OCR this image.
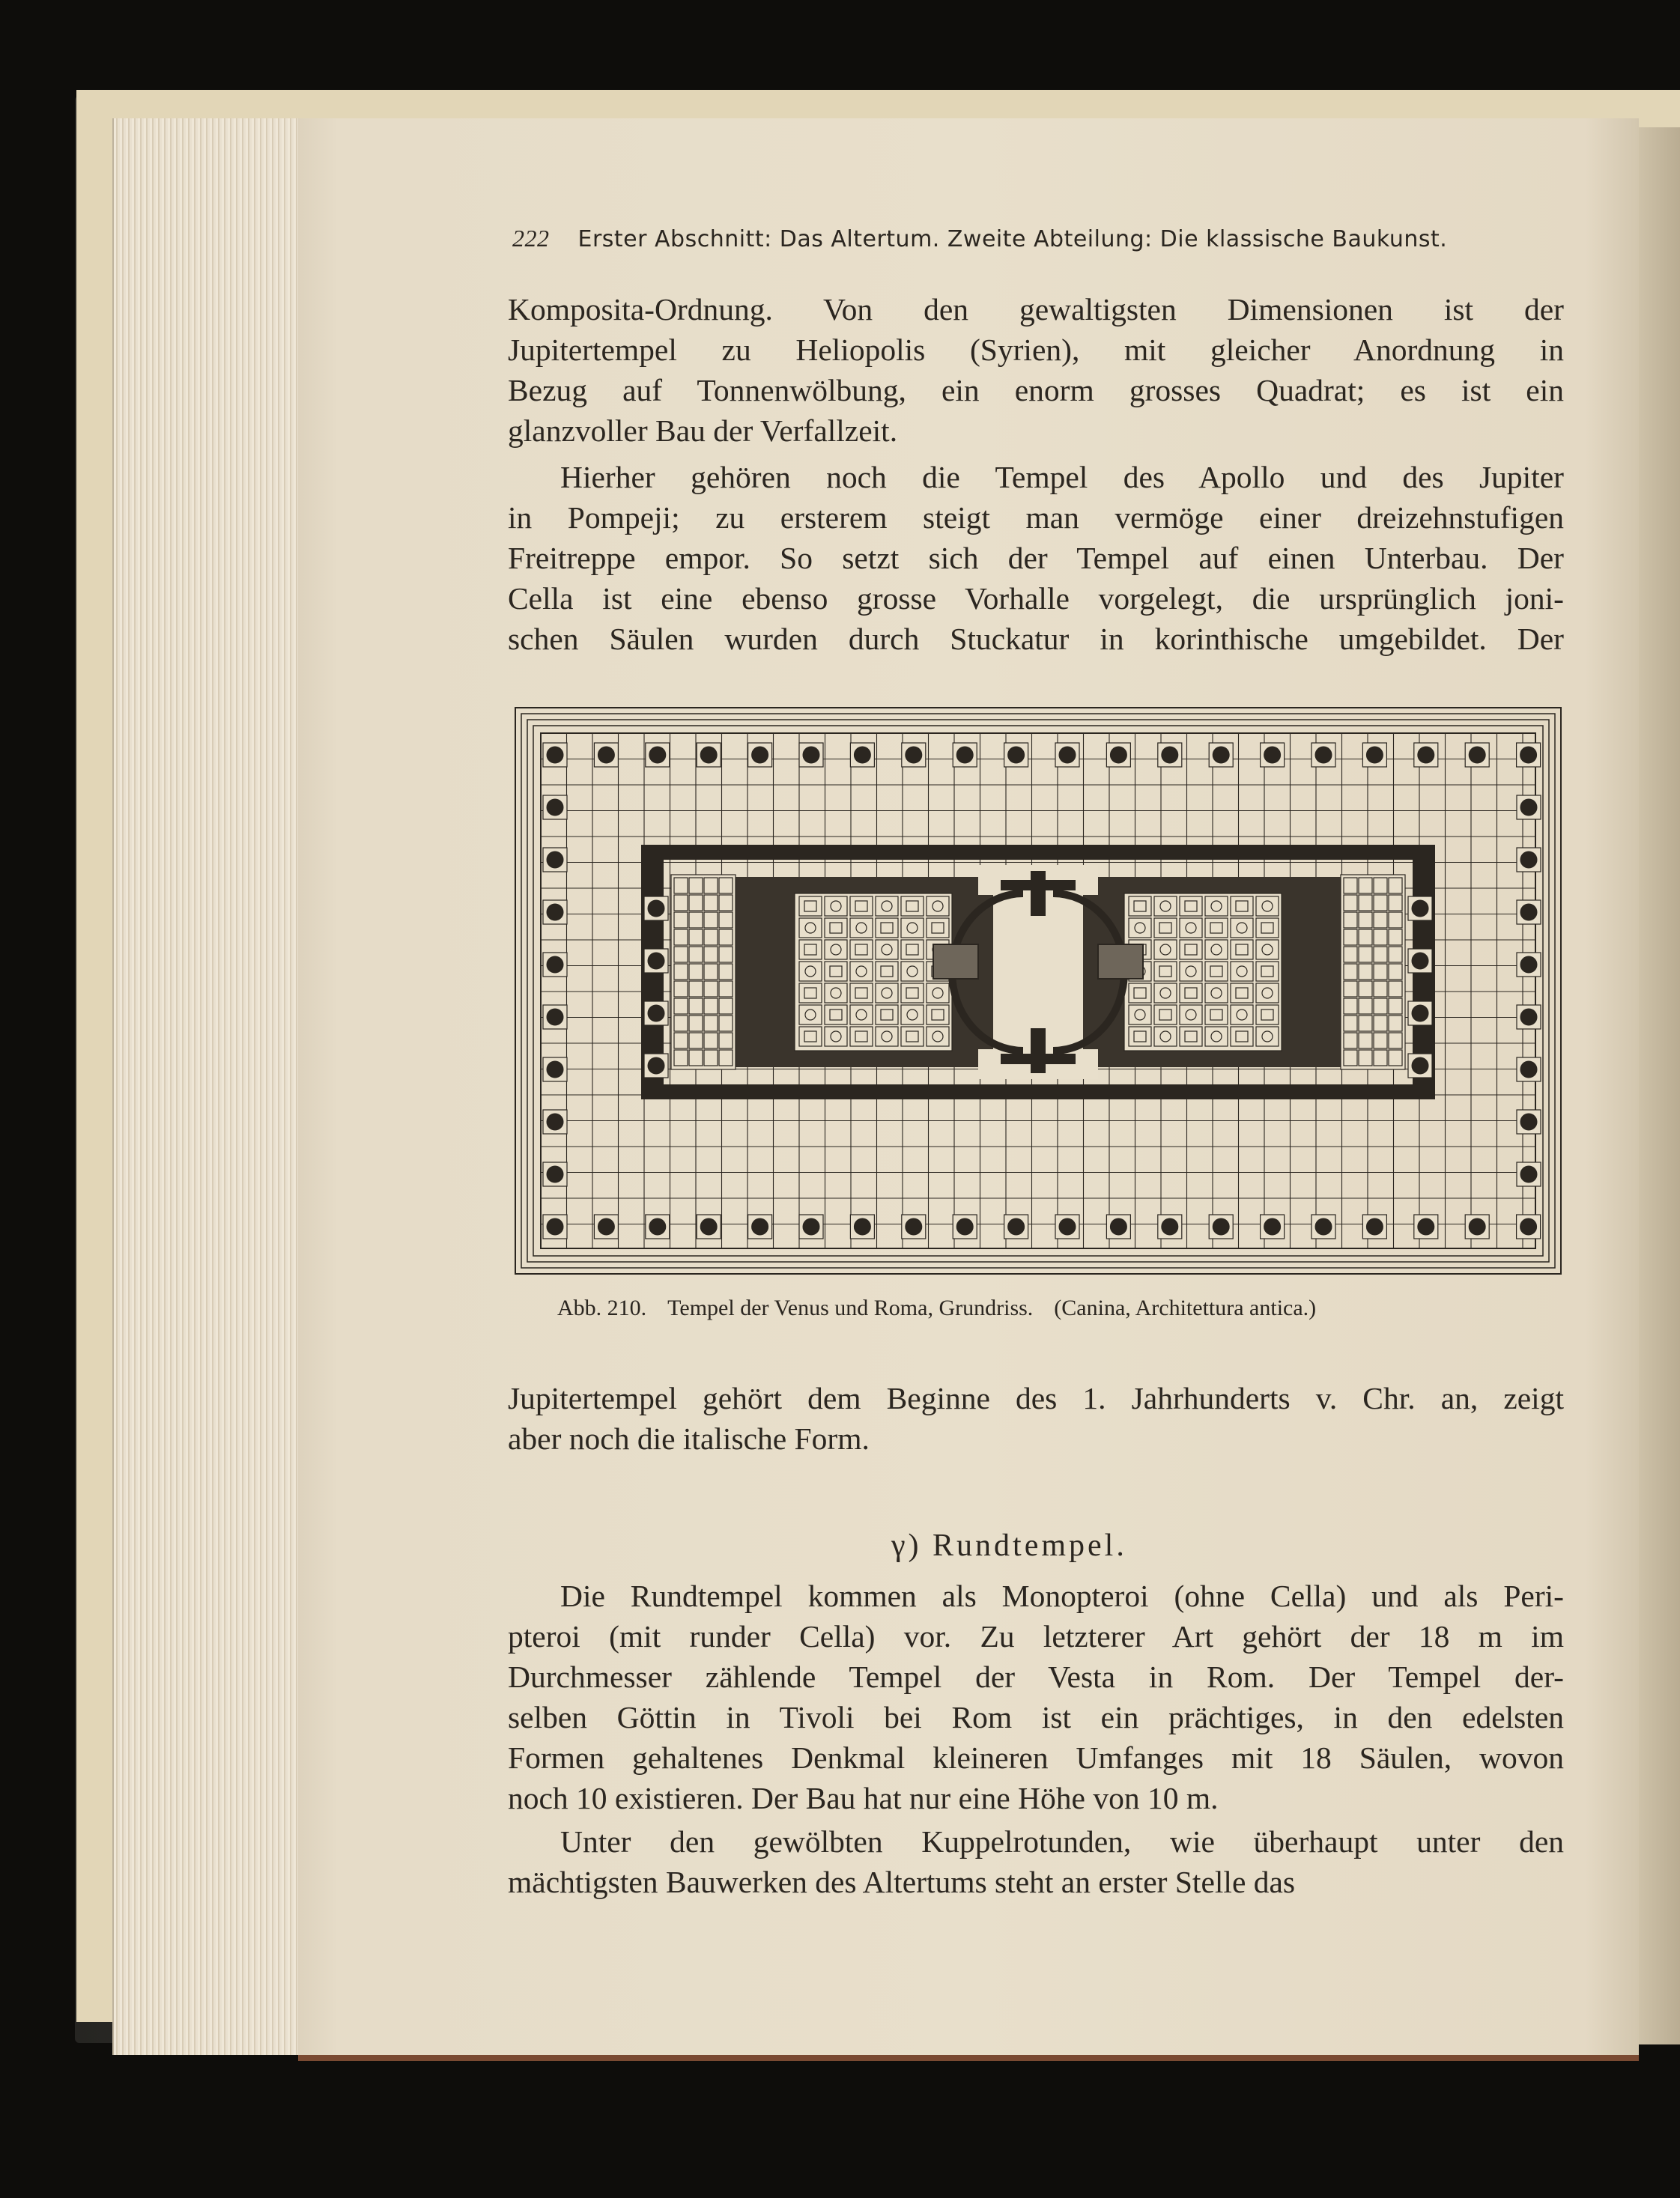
222 Erster Abschnitt: Das Altertum. Zweite Abteilung: Die klassische Baukunst.
Komposita-Ordnung. Von den gewaltigsten Dimensionen ist der
Jupitertempel zu Heliopolis (Syrien), mit gleicher Anordnung in
Bezug auf Tonnenwölbung, ein enorm grosses Quadrat; es ist ein
glanzvoller Bau der Verfallzeit.
Hierher gehören noch die Tempel des Apollo und des Jupiter
in Pompeji; zu ersterem steigt man vermöge einer dreizehnstufigen
Freitreppe empor. So setzt sich der Tempel auf einen Unterbau. Der
Cella ist eine ebenso grosse Vorhalle vorgelegt, die ursprünglich joni-
schen Säulen wurden durch Stuckatur in korinthische umgebildet. Der
Abb. 210. Tempel der Venus und Roma, Grundriss. (Canina, Architettura antica.)
Jupitertempel gehört dem Beginne des 1. Jahrhunderts v. Chr. an, zeigt
aber noch die italische Form.
γ) Rundtempel.
Die Rundtempel kommen als Monopteroi (ohne Cella) und als Peri-
pteroi (mit runder Cella) vor. Zu letzterer Art gehört der 18 m im
Durchmesser zählende Tempel der Vesta in Rom. Der Tempel der-
selben Göttin in Tivoli bei Rom ist ein prächtiges, in den edelsten
Formen gehaltenes Denkmal kleineren Umfanges mit 18 Säulen, wovon
noch 10 existieren. Der Bau hat nur eine Höhe von 10 m.
Unter den gewölbten Kuppelrotunden, wie überhaupt unter den
mächtigsten Bauwerken des Altertums steht an erster Stelle das
